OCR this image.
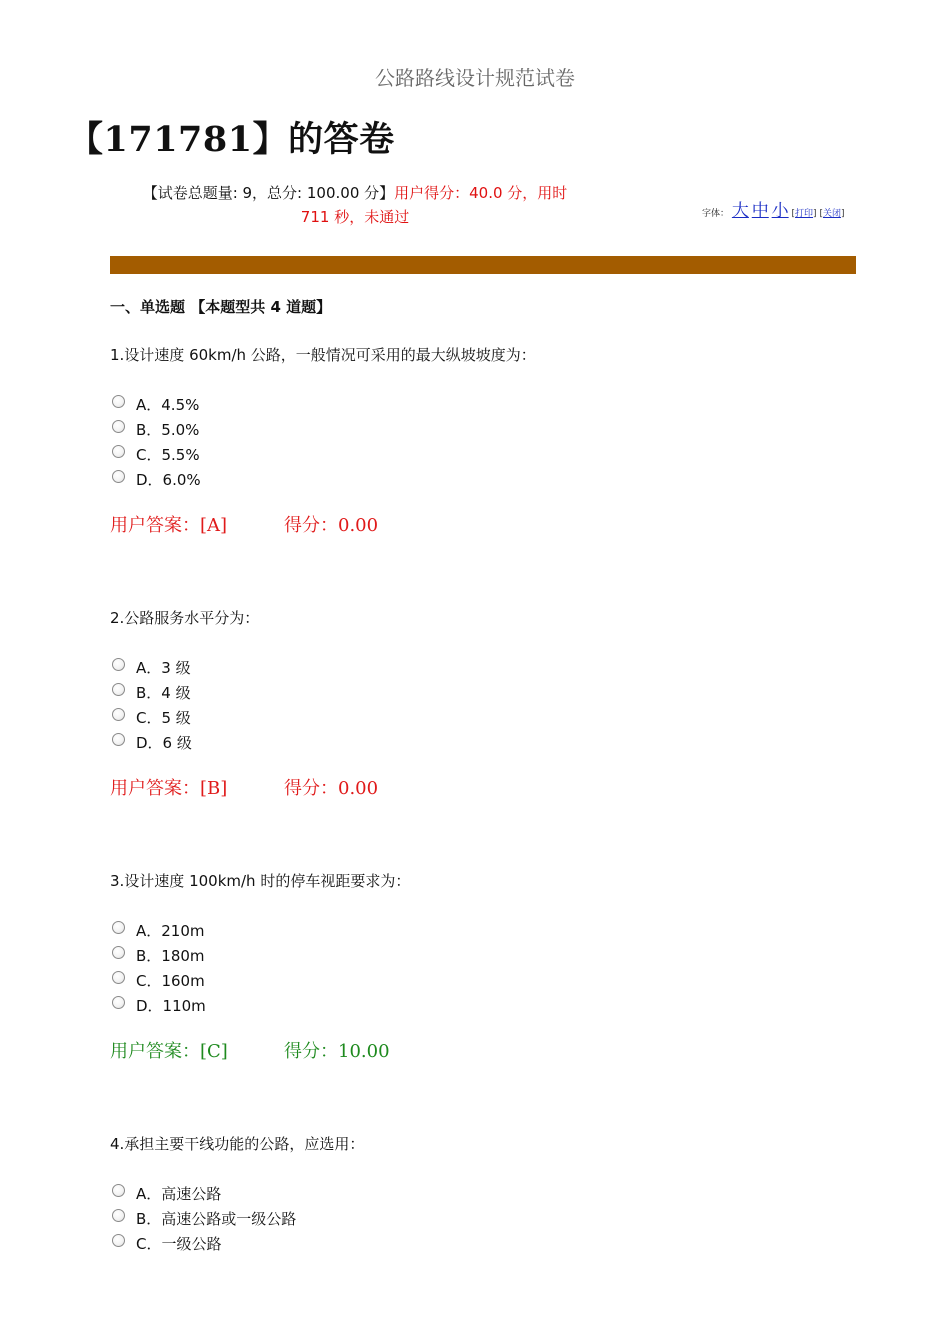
公路路线设计规范试卷
【171781】的答卷
【试卷总题量: 9，总分: 100.00 分】用户得分：40.0 分，用时
711 秒，未通过	字体： 大 中 小 [打印] [关闭]
一、单选题 【本题型共 4 道题】
1.设计速度 60km/h 公路，一般情况可采用的最大纵坡坡度为：
A．4.5%
B．5.0%
C．5.5%
D．6.0%
用户答案：[A]	得分：0.00
2.公路服务水平分为：
A．3 级
B．4 级
C．5 级
D．6 级
用户答案：[B]	得分：0.00
3.设计速度 100km/h 时的停车视距要求为：
A．210m
B．180m
C．160m
D．110m
用户答案：[C]	得分：10.00
4.承担主要干线功能的公路，应选用：
A．高速公路
B．高速公路或一级公路
C．一级公路
